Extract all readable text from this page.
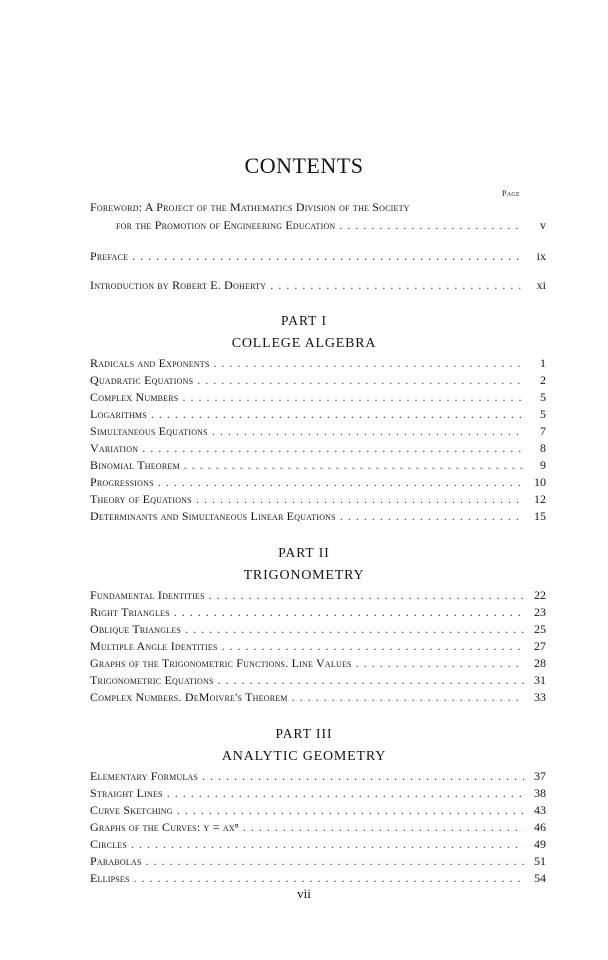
CONTENTS
Page
Foreword: A Project of the Mathematics Division of the Society
for the Promotion of Engineering Education . . .	v
Preface . . .	ix
Introduction by Robert E. Doherty . . .	xi
PART I
COLLEGE ALGEBRA
Radicals and Exponents . . .	1
Quadratic Equations . . .	2
Complex Numbers . . .	5
Logarithms . . .	5
Simultaneous Equations . . .	7
Variation . . .	8
Binomial Theorem . . .	9
Progressions . . .	10
Theory of Equations . . .	12
Determinants and Simultaneous Linear Equations . . .	15
PART II
TRIGONOMETRY
Fundamental Identities . . .	22
Right Triangles . . .	23
Oblique Triangles . . .	25
Multiple Angle Identities . . .	27
Graphs of the Trigonometric Functions. Line Values . . .	28
Trigonometric Equations . . .	31
Complex Numbers. DeMoivre's Theorem . . .	33
PART III
ANALYTIC GEOMETRY
Elementary Formulas . . .	37
Straight Lines . . .	38
Curve Sketching . . .	43
Graphs of the Curves: y = axⁿ . . .	46
Circles . . .	49
Parabolas . . .	51
Ellipses . . .	54
vii
